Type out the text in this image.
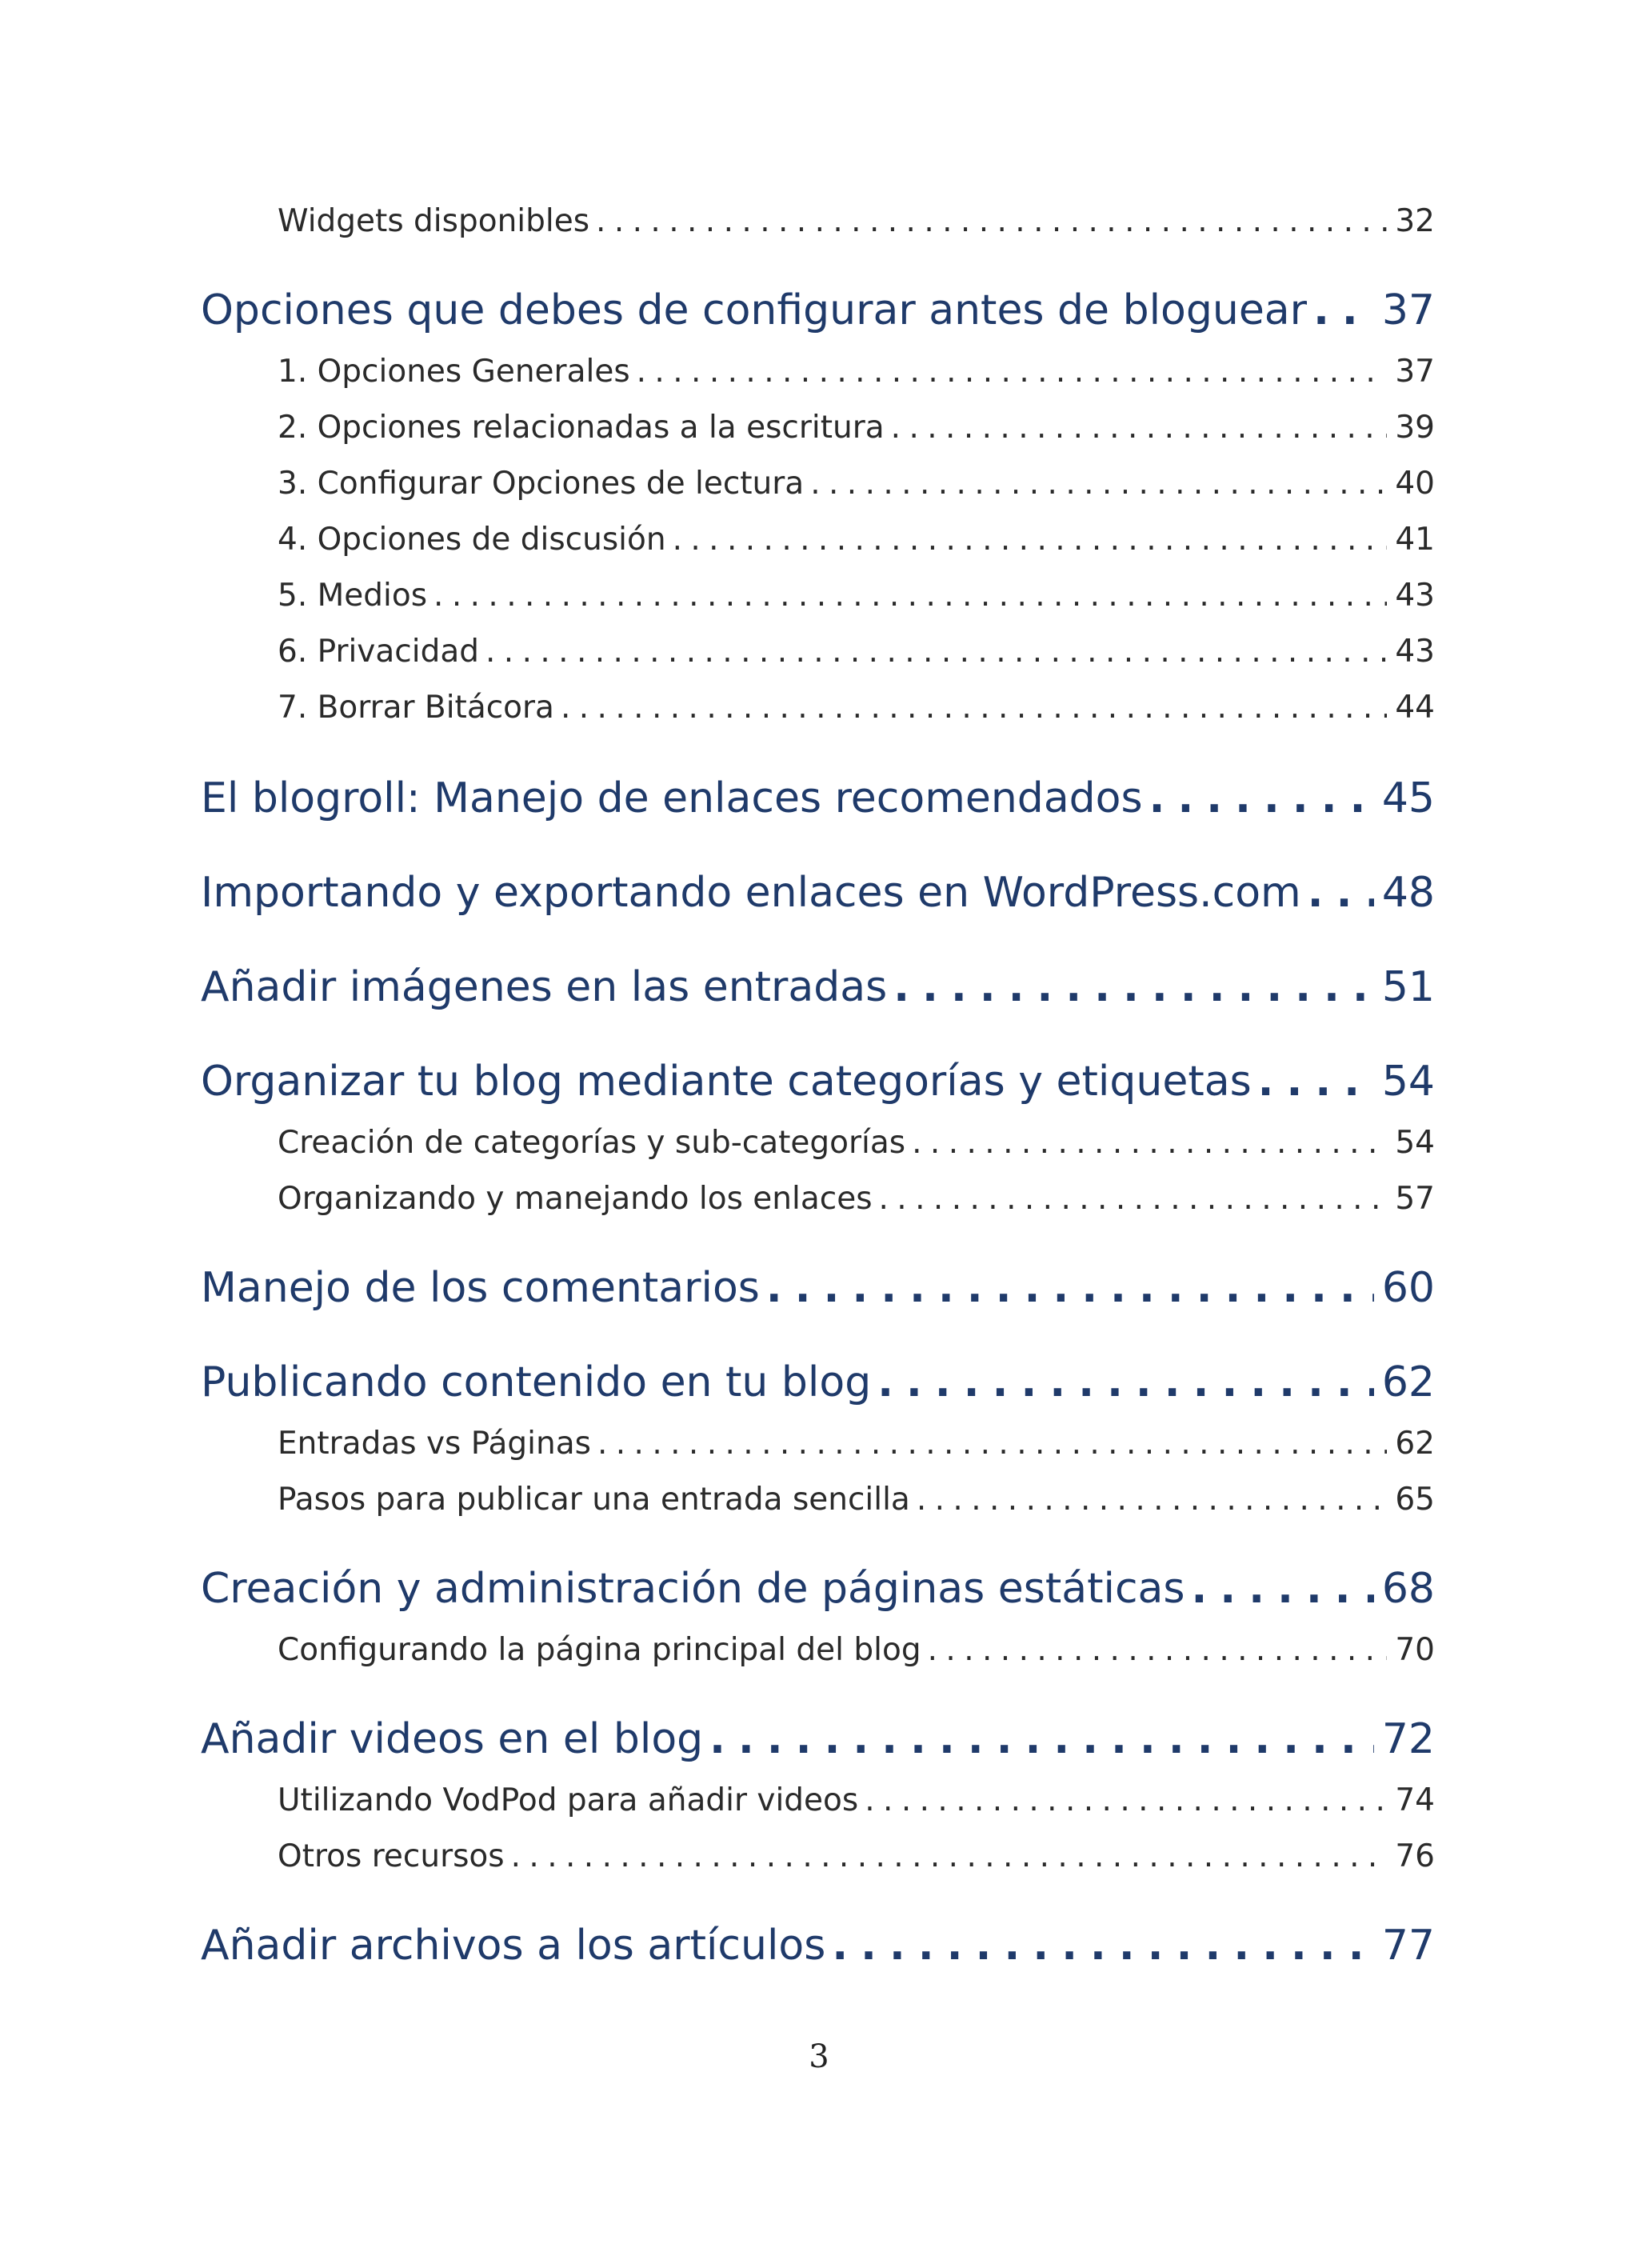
Widgets disponibles . . .	32
Opciones que debes de configurar antes de bloguear . . . 37
1. Opciones Generales . . .	37
2. Opciones relacionadas a la escritura . . .	39
3. Configurar Opciones de lectura . . .	40
4. Opciones de discusión . . .	41
5. Medios . . .	43
6. Privacidad . . .	43
7. Borrar Bitácora . . .	44
El blogroll: Manejo de enlaces recomendados . . .	45
Importando y exportando enlaces en WordPress.com . . . 48
Añadir imágenes en las entradas . . .	51
Organizar tu blog mediante categorías y etiquetas . . .	54
Creación de categorías y sub-categorías . . .	54
Organizando y manejando los enlaces . . .	57
Manejo de los comentarios . . .	60
Publicando contenido en tu blog . . .	62
Entradas vs Páginas . . .	62
Pasos para publicar una entrada sencilla . . .	65
Creación y administración de páginas estáticas . . .	68
Configurando la página principal del blog . . .	70
Añadir videos en el blog . . .	72
Utilizando VodPod para añadir videos . . .	74
Otros recursos . . .	76
Añadir archivos a los artículos . . .	77
3
